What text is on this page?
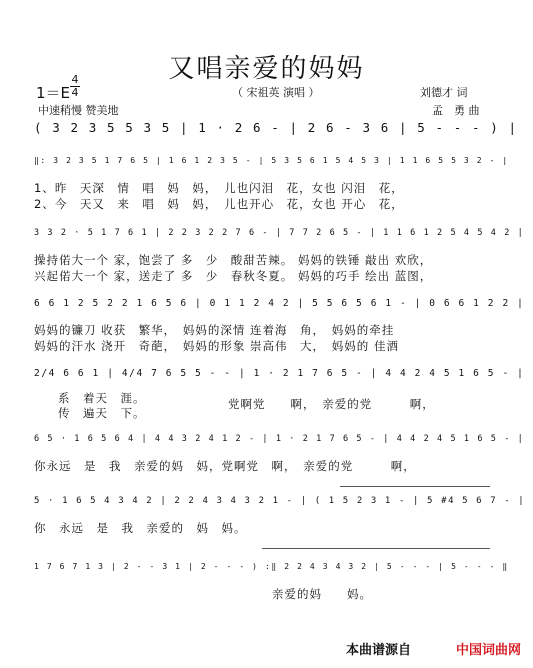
又唱亲爱的妈妈
1＝E
4
4	（ 宋祖英 演唱 ）	刘德才 词
中速稍慢 赞美地	孟　勇 曲
( 3 2 3 5 5 3 5 | 1 · 2 6 - | 2 6 - 3 6 | 5 - - - ) |
‖: 3 2 3 5 1 7 6 5 | 1 6 1 2 3 5 - | 5 3 5 6 1 5 4 5 3 | 1 1 6 5 5 3 2 - |
1、昨　天深　情　唱　妈　妈，　儿也闪泪　花，女也 闪泪　花，
2、今　天又　来　唱　妈　妈，　儿也开心　花，女也 开心　花，
3 3 2 · 5 1 7 6 1 | 2 2 3 2 2 7 6 - | 7 7 2 6 5 - | 1 1 6 1 2 5 4 5 4 2 |
操持偌大一个 家，饱尝了 多　少　酸甜苦辣。 妈妈的铁锤 敲出 欢欣，
兴起偌大一个 家，送走了 多　少　春秋冬夏。 妈妈的巧手 绘出 蓝图，
6 6 1 2 5 2 2 1 6 5 6 | 0 1 1 2 4 2 | 5 5 6 5 6 1 - | 0 6 6 1 2 2 |
妈妈的镰刀 收获　繁华，　妈妈的深情 连着海　角，　妈妈的牵挂
妈妈的汗水 浇开　奇葩，　妈妈的形象 崇高伟　大，　妈妈的 佳酒
2/4 6 6 1 | 4/4 7 6 5 5 - - | 1 · 2 1 7 6 5 - | 4 4 2 4 5 1 6 5 - |
系　着天　涯。
传　遍天　下。
党啊党　　啊，　亲爱的党　　　啊，
6 5 · 1 6 5 6 4 | 4 4 3 2 4 1 2 - | 1 · 2 1 7 6 5 - | 4 4 2 4 5 1 6 5 - |
你永远　是　我　亲爱的妈　妈，党啊党　啊，　亲爱的党　　　啊，
5 · 1 6 5 4 3 4 2 | 2 2 4 3 4 3 2 1 - | ( 1 5 2 3 1 - | 5 #4 5 6 7 - |
你　永远　是　我　亲爱的　妈　妈。
1 7 6 7 1 3 | 2 - - 3 1 | 2 - - - ) :‖ 2 2 4 3 4 3 2 | 5 - - - | 5 - - - ‖
亲爱的妈　　妈。
本曲谱源自	中国词曲网
